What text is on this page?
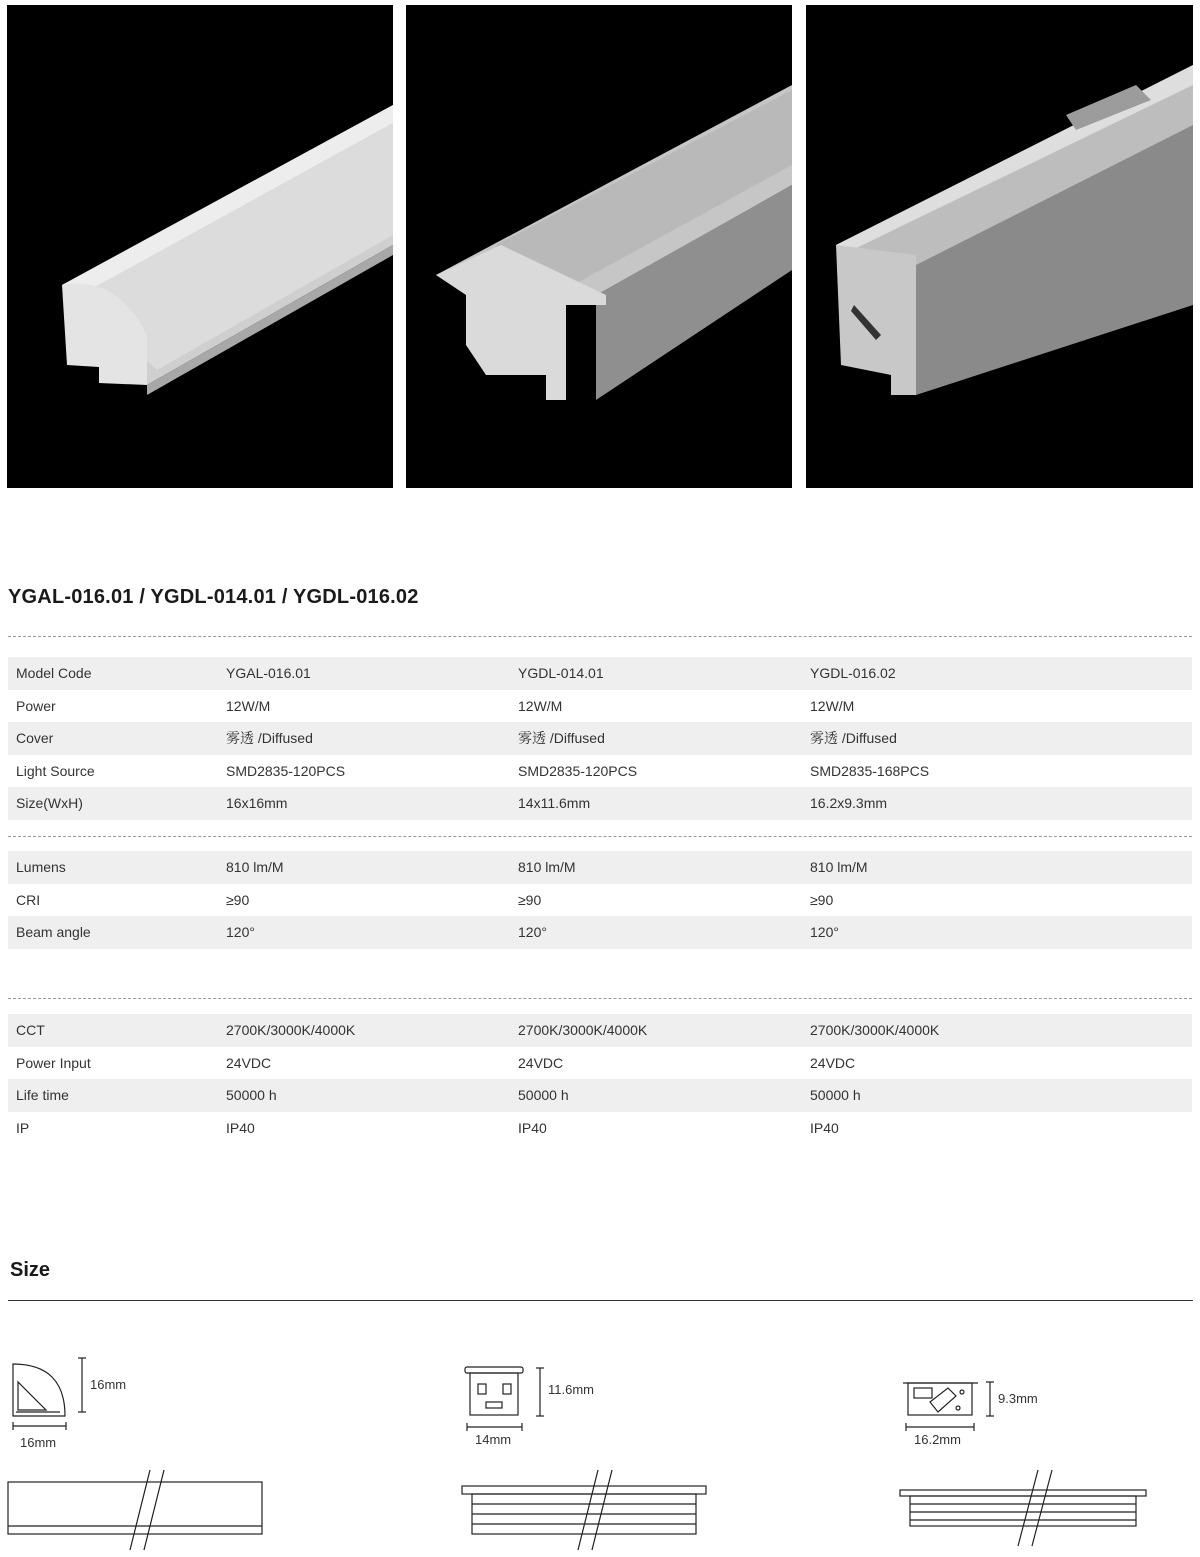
YGAL-016.01 / YGDL-014.01 / YGDL-016.02
Model Code	YGAL-016.01	YGDL-014.01	YGDL-016.02
Power	12W/M	12W/M	12W/M
Cover	雾透 /Diffused	雾透 /Diffused	雾透 /Diffused
Light Source	SMD2835-120PCS	SMD2835-120PCS	SMD2835-168PCS
Size(WxH)	16x16mm	14x11.6mm	16.2x9.3mm
Lumens	810 lm/M	810 lm/M	810 lm/M
CRI	≥90	≥90	≥90
Beam angle	120°	120°	120°
CCT	2700K/3000K/4000K	2700K/3000K/4000K	2700K/3000K/4000K
Power Input	24VDC	24VDC	24VDC
Life time	50000 h	50000 h	50000 h
IP	IP40	IP40	IP40
Size
16mm
16mm
11.6mm
14mm
9.3mm
16.2mm
